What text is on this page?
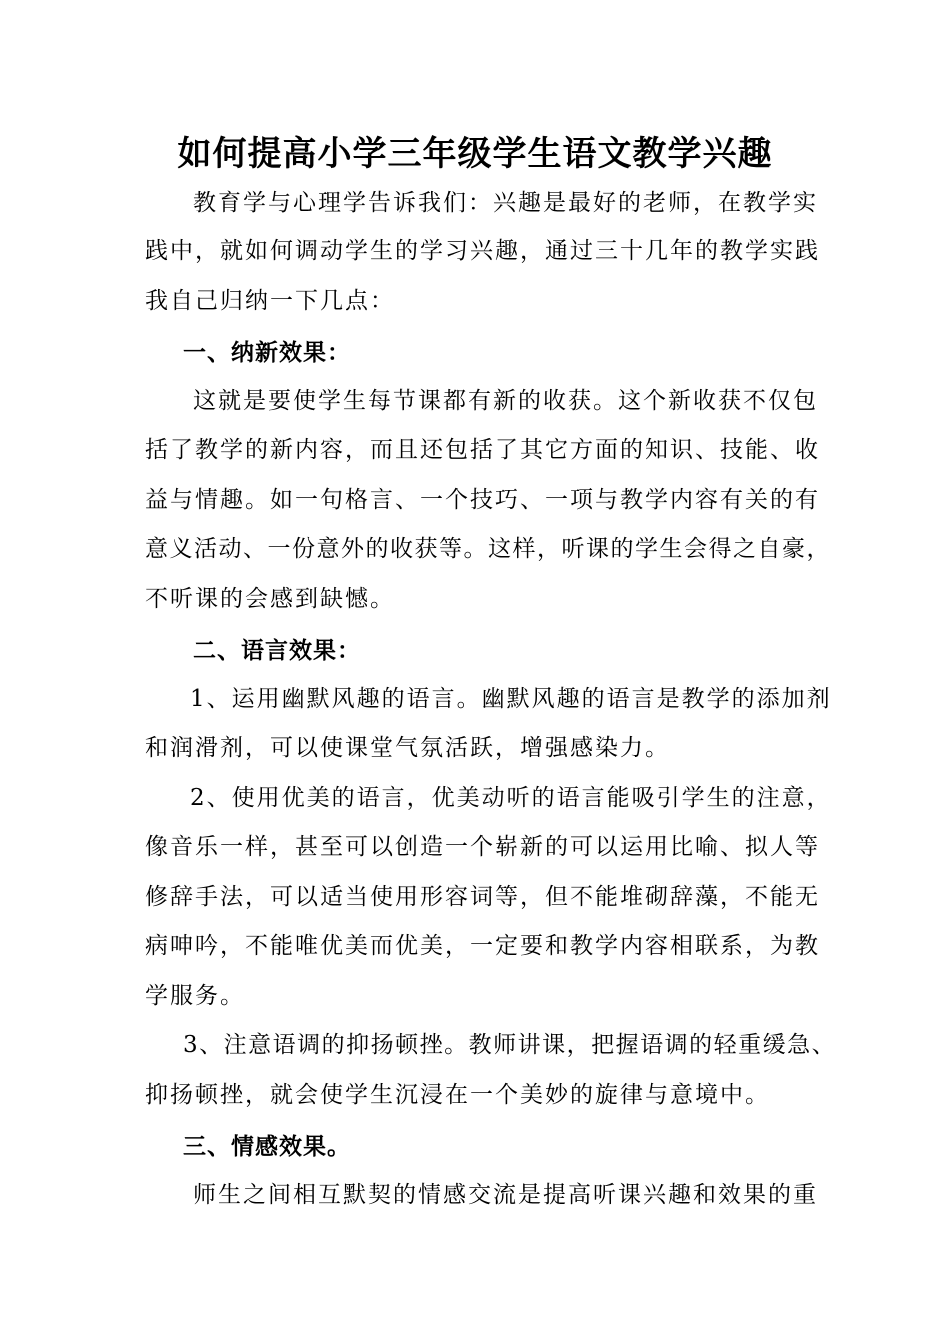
如何提高小学三年级学生语文教学兴趣
教育学与心理学告诉我们：兴趣是最好的老师，在教学实
践中，就如何调动学生的学习兴趣，通过三十几年的教学实践
我自己归纳一下几点：
一、纳新效果：
这就是要使学生每节课都有新的收获。这个新收获不仅包
括了教学的新内容，而且还包括了其它方面的知识、技能、收
益与情趣。如一句格言、一个技巧、一项与教学内容有关的有
意义活动、一份意外的收获等。这样，听课的学生会得之自豪，
不听课的会感到缺憾。
二、语言效果：
1、运用幽默风趣的语言。幽默风趣的语言是教学的添加剂
和润滑剂，可以使课堂气氛活跃，增强感染力。
2、使用优美的语言，优美动听的语言能吸引学生的注意，
像音乐一样，甚至可以创造一个崭新的可以运用比喻、拟人等
修辞手法，可以适当使用形容词等，但不能堆砌辞藻，不能无
病呻吟，不能唯优美而优美，一定要和教学内容相联系，为教
学服务。
3、注意语调的抑扬顿挫。教师讲课，把握语调的轻重缓急、
抑扬顿挫，就会使学生沉浸在一个美妙的旋律与意境中。
三、情感效果。
师生之间相互默契的情感交流是提高听课兴趣和效果的重
